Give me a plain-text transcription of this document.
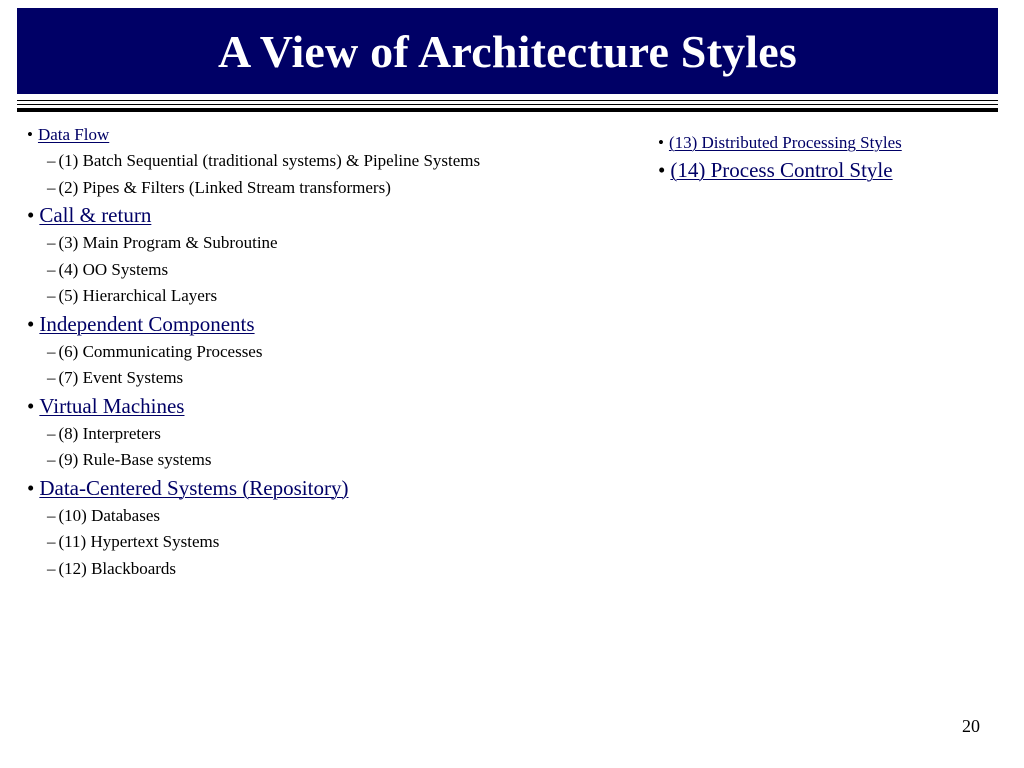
A View of Architecture Styles
• Data Flow
– (1) Batch Sequential (traditional systems) & Pipeline Systems
– (2) Pipes & Filters (Linked Stream transformers)
• Call & return
– (3) Main Program & Subroutine
– (4) OO Systems
– (5) Hierarchical Layers
• Independent Components
– (6) Communicating Processes
– (7) Event Systems
• Virtual Machines
– (8) Interpreters
– (9) Rule-Base systems
• Data-Centered Systems (Repository)
– (10) Databases
– (11) Hypertext Systems
– (12) Blackboards
• (13) Distributed Processing Styles
• (14) Process Control Style
20
